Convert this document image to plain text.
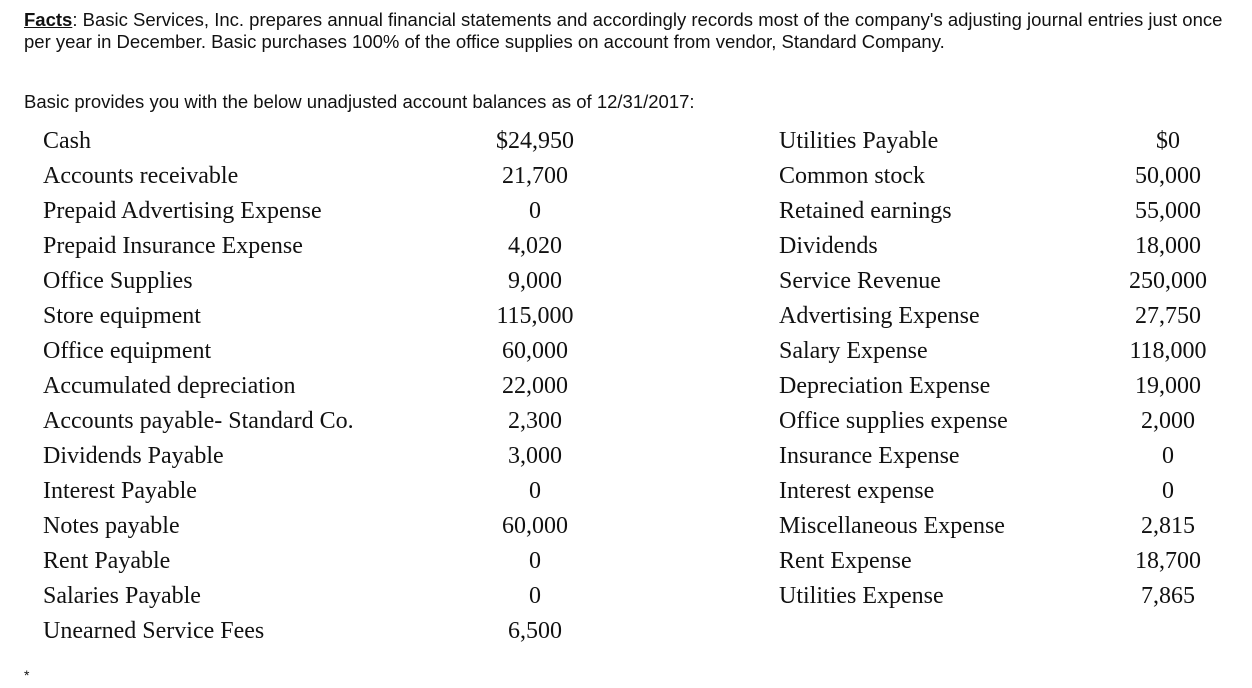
Facts: Basic Services, Inc. prepares annual financial statements and accordingly records most of the company's adjusting journal entries just once per year in December. Basic purchases 100% of the office supplies on account from vendor, Standard Company.
Basic provides you with the below unadjusted account balances as of 12/31/2017:
Cash
Accounts receivable
Prepaid Advertising Expense
Prepaid Insurance Expense
Office Supplies
Store equipment
Office equipment
Accumulated depreciation
Accounts payable- Standard Co.
Dividends Payable
Interest Payable
Notes payable
Rent Payable
Salaries Payable
Unearned Service Fees
$24,950
21,700
0
4,020
9,000
115,000
60,000
22,000
2,300
3,000
0
60,000
0
0
6,500
Utilities Payable
Common stock
Retained earnings
Dividends
Service Revenue
Advertising Expense
Salary Expense
Depreciation Expense
Office supplies expense
Insurance Expense
Interest expense
Miscellaneous Expense
Rent Expense
Utilities Expense
$0
50,000
55,000
18,000
250,000
27,750
118,000
19,000
2,000
0
0
2,815
18,700
7,865
*
